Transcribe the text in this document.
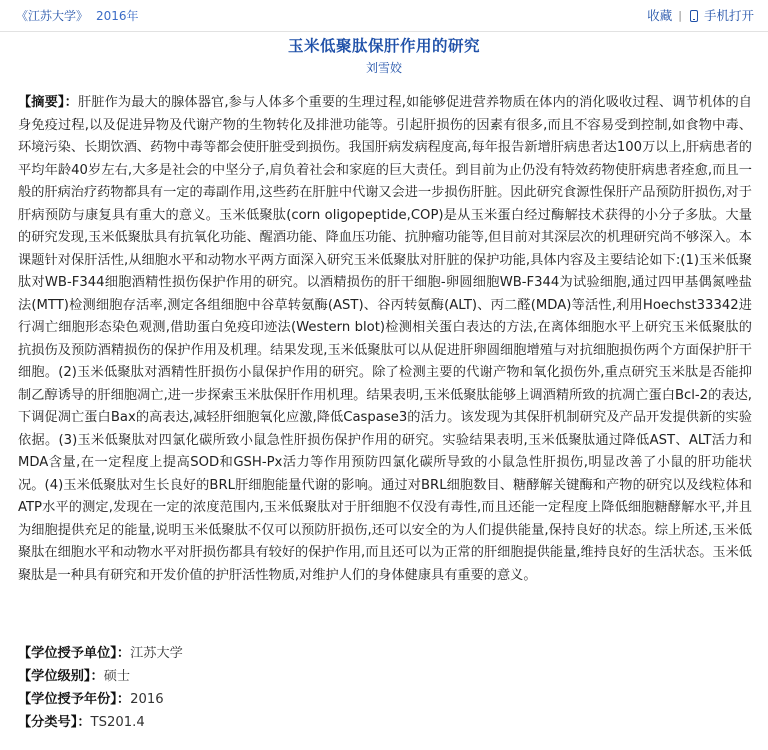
《江苏大学》 2016年	收藏 | 手机打开
玉米低聚肽保肝作用的研究
刘雪姣

【摘要】：肝脏作为最大的腺体器官,参与人体多个重要的生理过程,如能够促进营养物质在体内的消化吸收过程、调节机体的自身免疫过程,以及促进异物及代谢产物的生物转化及排泄功能等。引起肝损伤的因素有很多,而且不容易受到控制,如食物中毒、环境污染、长期饮酒、药物中毒等都会使肝脏受到损伤。我国肝病发病程度高,每年报告新增肝病患者达100万以上,肝病患者的平均年龄40岁左右,大多是社会的中坚分子,肩负着社会和家庭的巨大责任。到目前为止仍没有特效药物使肝病患者痊愈,而且一般的肝病治疗药物都具有一定的毒副作用,这些药在肝脏中代谢又会进一步损伤肝脏。因此研究食源性保肝产品预防肝损伤,对于肝病预防与康复具有重大的意义。玉米低聚肽(corn oligopeptide,COP)是从玉米蛋白经过酶解技术获得的小分子多肽。大量的研究发现,玉米低聚肽具有抗氧化功能、醒酒功能、降血压功能、抗肿瘤功能等,但目前对其深层次的机理研究尚不够深入。本课题针对保肝活性,从细胞水平和动物水平两方面深入研究玉米低聚肽对肝脏的保护功能,具体内容及主要结论如下:(1)玉米低聚肽对WB-F344细胞酒精性损伤保护作用的研究。以酒精损伤的肝干细胞-卵圆细胞WB-F344为试验细胞,通过四甲基偶氮唑盐法(MTT)检测细胞存活率,测定各组细胞中谷草转氨酶(AST)、谷丙转氨酶(ALT)、丙二醛(MDA)等活性,利用Hoechst33342进行凋亡细胞形态染色观测,借助蛋白免疫印迹法(Western blot)检测相关蛋白表达的方法,在离体细胞水平上研究玉米低聚肽的抗损伤及预防酒精损伤的保护作用及机理。结果发现,玉米低聚肽可以从促进肝卵圆细胞增殖与对抗细胞损伤两个方面保护肝干细胞。(2)玉米低聚肽对酒精性肝损伤小鼠保护作用的研究。除了检测主要的代谢产物和氧化损伤外,重点研究玉米肽是否能抑制乙醇诱导的肝细胞凋亡,进一步探索玉米肽保肝作用机理。结果表明,玉米低聚肽能够上调酒精所致的抗凋亡蛋白Bcl-2的表达,下调促凋亡蛋白Bax的高表达,减轻肝细胞氧化应激,降低Caspase3的活力。该发现为其保肝机制研究及产品开发提供新的实验依据。(3)玉米低聚肽对四氯化碳所致小鼠急性肝损伤保护作用的研究。实验结果表明,玉米低聚肽通过降低AST、ALT活力和MDA含量,在一定程度上提高SOD和GSH-Px活力等作用预防四氯化碳所导致的小鼠急性肝损伤,明显改善了小鼠的肝功能状况。(4)玉米低聚肽对生长良好的BRL肝细胞能量代谢的影响。通过对BRL细胞数目、糖酵解关键酶和产物的研究以及线粒体和ATP水平的测定,发现在一定的浓度范围内,玉米低聚肽对于肝细胞不仅没有毒性,而且还能一定程度上降低细胞糖酵解水平,并且为细胞提供充足的能量,说明玉米低聚肽不仅可以预防肝损伤,还可以安全的为人们提供能量,保持良好的状态。综上所述,玉米低聚肽在细胞水平和动物水平对肝损伤都具有较好的保护作用,而且还可以为正常的肝细胞提供能量,维持良好的生活状态。玉米低聚肽是一种具有研究和开发价值的护肝活性物质,对维护人们的身体健康具有重要的意义。

【学位授予单位】：江苏大学
【学位级别】：硕士
【学位授予年份】：2016
【分类号】：TS201.4
